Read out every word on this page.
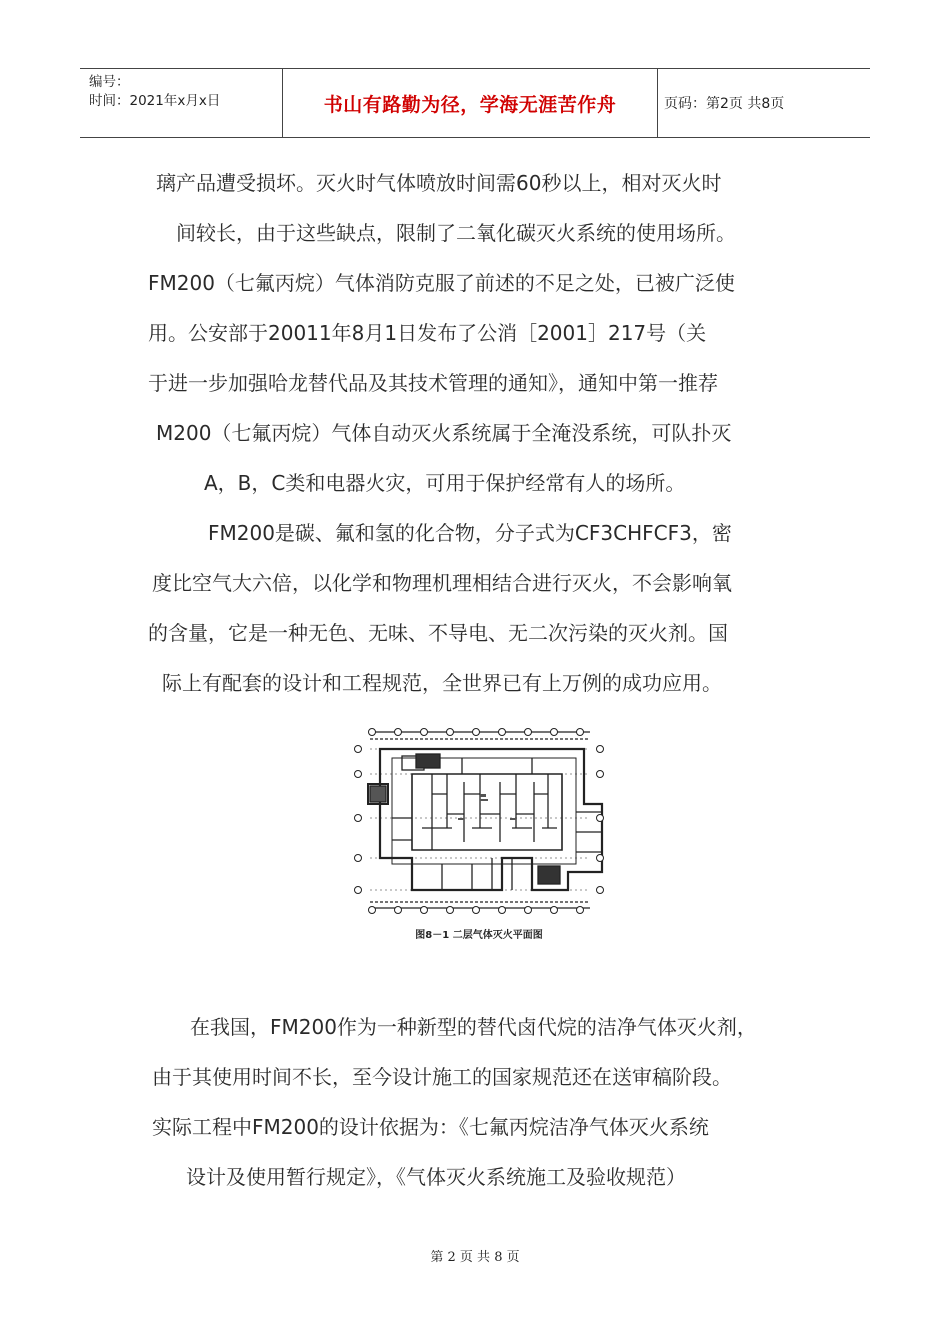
编号：
时间：2021年x月x日	书山有路勤为径，学海无涯苦作舟	页码：第2页 共8页
璃产品遭受损坏。灭火时气体喷放时间需60秒以上，相对灭火时
间较长，由于这些缺点，限制了二氧化碳灭火系统的使用场所。
FM200（七氟丙烷）气体消防克服了前述的不足之处，已被广泛使
用。公安部于20011年8月1日发布了公消［2001］217号（关
于进一步加强哈龙替代品及其技术管理的通知》，通知中第一推荐
M200（七氟丙烷）气体自动灭火系统属于全淹没系统，可队扑灭
A，B，C类和电器火灾，可用于保护经常有人的场所。
FM200是碳、氟和氢的化合物，分子式为CF3CHFCF3，密
度比空气大六倍，以化学和物理机理相结合进行灭火，不会影响氧
的含量，它是一种无色、无味、不导电、无二次污染的灭火剂。国
际上有配套的设计和工程规范，全世界已有上万例的成功应用。
图8－1 二层气体灭火平面图
在我国，FM200作为一种新型的替代卤代烷的洁净气体灭火剂，
由于其使用时间不长，至今设计施工的国家规范还在送审稿阶段。
实际工程中FM200的设计依据为：《七氟丙烷洁净气体灭火系统
设计及使用暂行规定》，《气体灭火系统施工及验收规范）
第 2 页 共 8 页
